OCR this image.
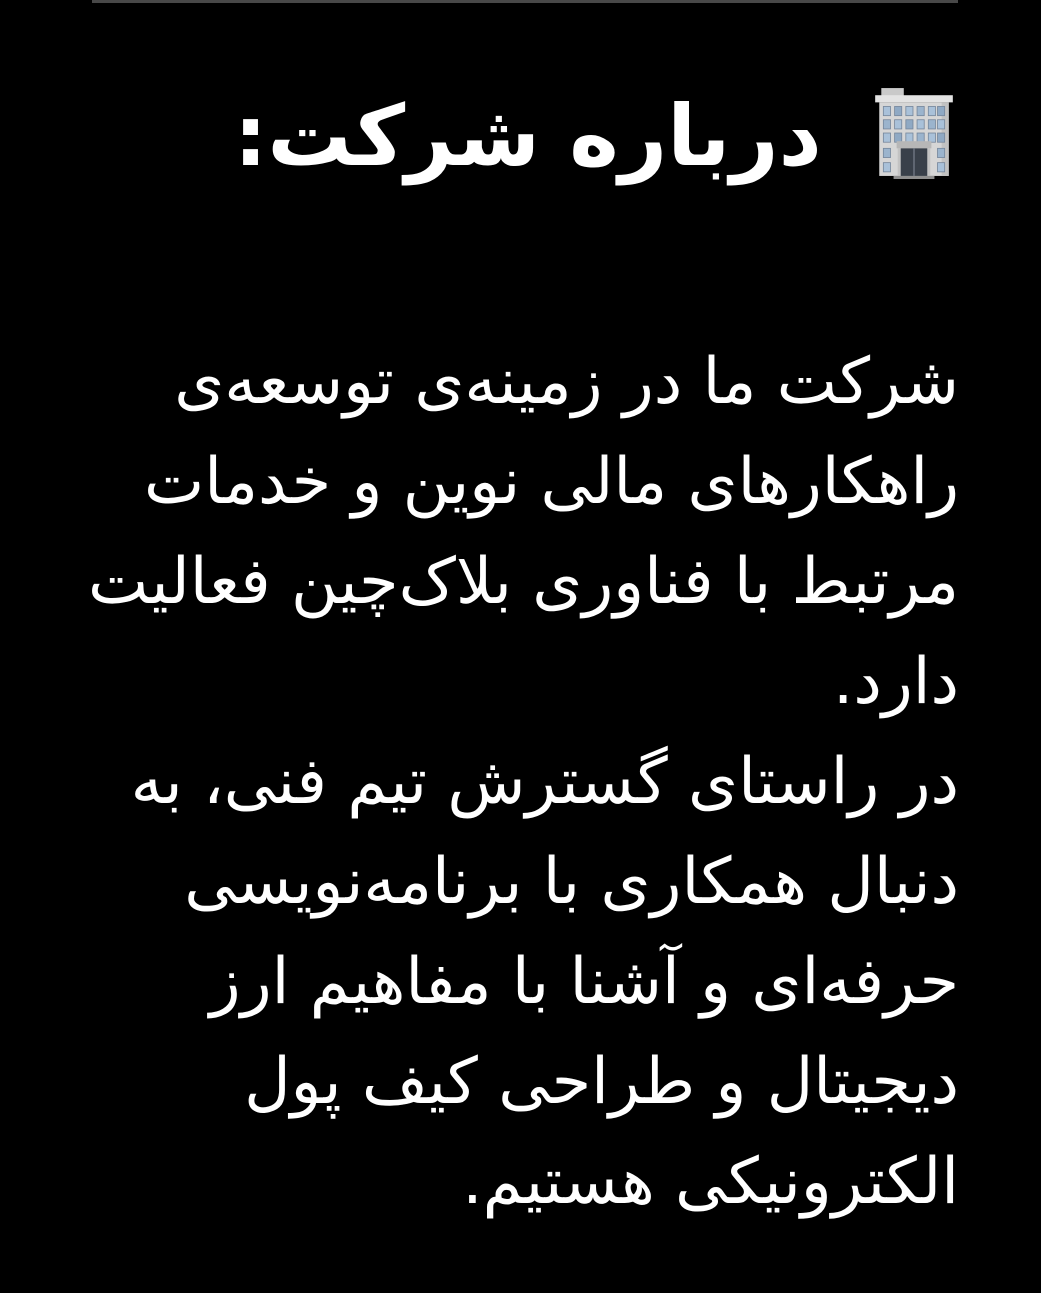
درباره شرکت:
شرکت ما در زمینه‌ی توسعه‌ی
راهکارهای مالی نوین و خدمات
مرتبط با فناوری بلاک‌چین فعالیت
دارد.
در راستای گسترش تیم فنی، به
دنبال همکاری با برنامه‌نویسی
حرفه‌ای و آشنا با مفاهیم ارز
دیجیتال و طراحی کیف پول
الکترونیکی هستیم.
